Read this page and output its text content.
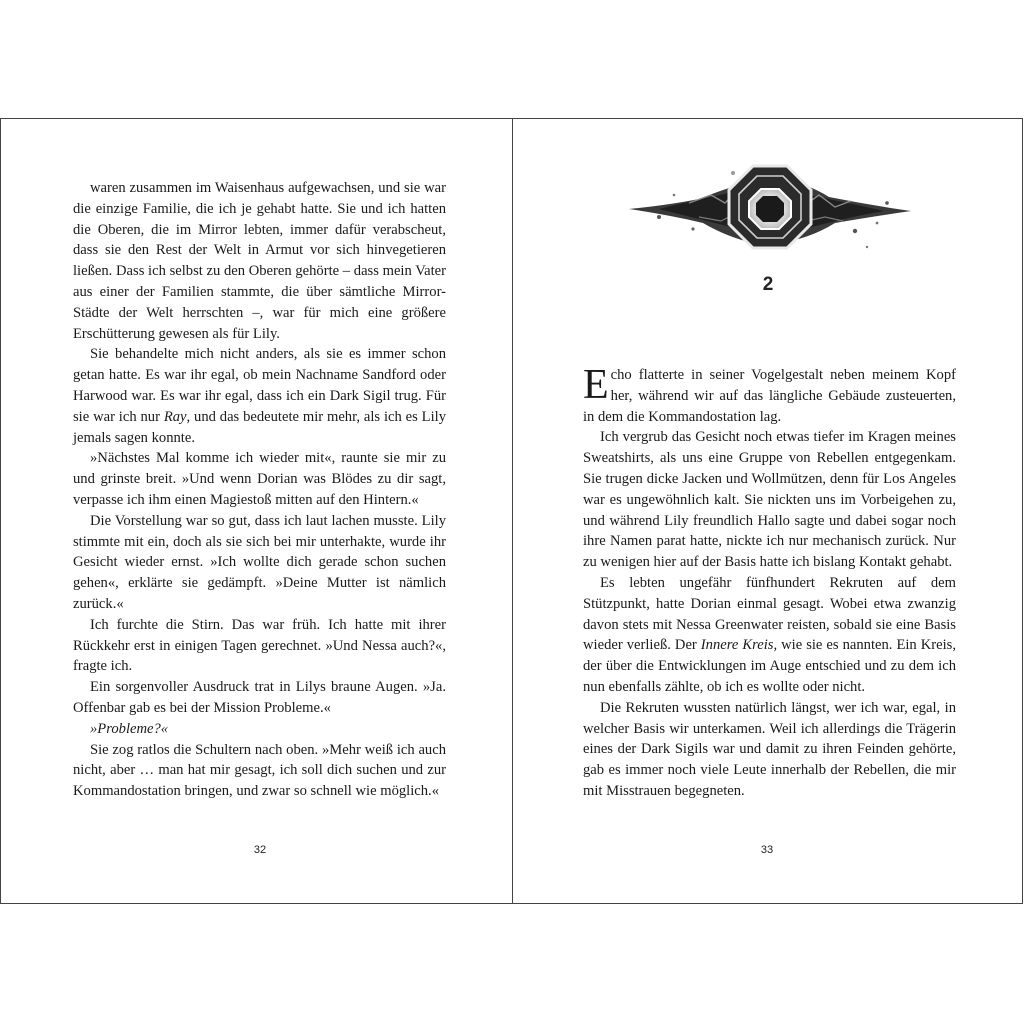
waren zusammen im Waisenhaus aufgewachsen, und sie war die einzige Familie, die ich je gehabt hatte. Sie und ich hatten die Oberen, die im Mirror lebten, immer dafür verabscheut, dass sie den Rest der Welt in Armut vor sich hinvegetieren ließen. Dass ich selbst zu den Oberen gehörte – dass mein Vater aus einer der Familien stammte, die über sämtliche Mirror-Städte der Welt herrschten –, war für mich eine größere Erschütterung gewesen als für Lily.

Sie behandelte mich nicht anders, als sie es immer schon getan hatte. Es war ihr egal, ob mein Nachname Sandford oder Harwood war. Es war ihr egal, dass ich ein Dark Sigil trug. Für sie war ich nur Ray, und das bedeutete mir mehr, als ich es Lily jemals sagen konnte.

»Nächstes Mal komme ich wieder mit«, raunte sie mir zu und grinste breit. »Und wenn Dorian was Blödes zu dir sagt, verpasse ich ihm einen Magiestoß mitten auf den Hintern.«

Die Vorstellung war so gut, dass ich laut lachen musste. Lily stimmte mit ein, doch als sie sich bei mir unterhakte, wurde ihr Gesicht wieder ernst. »Ich wollte dich gerade schon suchen gehen«, erklärte sie gedämpft. »Deine Mutter ist nämlich zurück.«

Ich furchte die Stirn. Das war früh. Ich hatte mit ihrer Rückkehr erst in einigen Tagen gerechnet. »Und Nessa auch?«, fragte ich.

Ein sorgenvoller Ausdruck trat in Lilys braune Augen. »Ja. Offenbar gab es bei der Mission Probleme.«

»Probleme?«

Sie zog ratlos die Schultern nach oben. »Mehr weiß ich auch nicht, aber … man hat mir gesagt, ich soll dich suchen und zur Kommandostation bringen, und zwar so schnell wie möglich.«

32
2

Echo flatterte in seiner Vogelgestalt neben meinem Kopf her, während wir auf das längliche Gebäude zusteuerten, in dem die Kommandostation lag.

Ich vergrub das Gesicht noch etwas tiefer im Kragen meines Sweatshirts, als uns eine Gruppe von Rebellen entgegenkam. Sie trugen dicke Jacken und Wollmützen, denn für Los Angeles war es ungewöhnlich kalt. Sie nickten uns im Vorbeigehen zu, und während Lily freundlich Hallo sagte und dabei sogar noch ihre Namen parat hatte, nickte ich nur mechanisch zurück. Nur zu wenigen hier auf der Basis hatte ich bislang Kontakt gehabt.

Es lebten ungefähr fünfhundert Rekruten auf dem Stützpunkt, hatte Dorian einmal gesagt. Wobei etwa zwanzig davon stets mit Nessa Greenwater reisten, sobald sie eine Basis wieder verließ. Der Innere Kreis, wie sie es nannten. Ein Kreis, der über die Entwicklungen im Auge entschied und zu dem ich nun ebenfalls zählte, ob ich es wollte oder nicht.

Die Rekruten wussten natürlich längst, wer ich war, egal, in welcher Basis wir unterkamen. Weil ich allerdings die Trägerin eines der Dark Sigils war und damit zu ihren Feinden gehörte, gab es immer noch viele Leute innerhalb der Rebellen, die mir mit Misstrauen begegneten.

33
